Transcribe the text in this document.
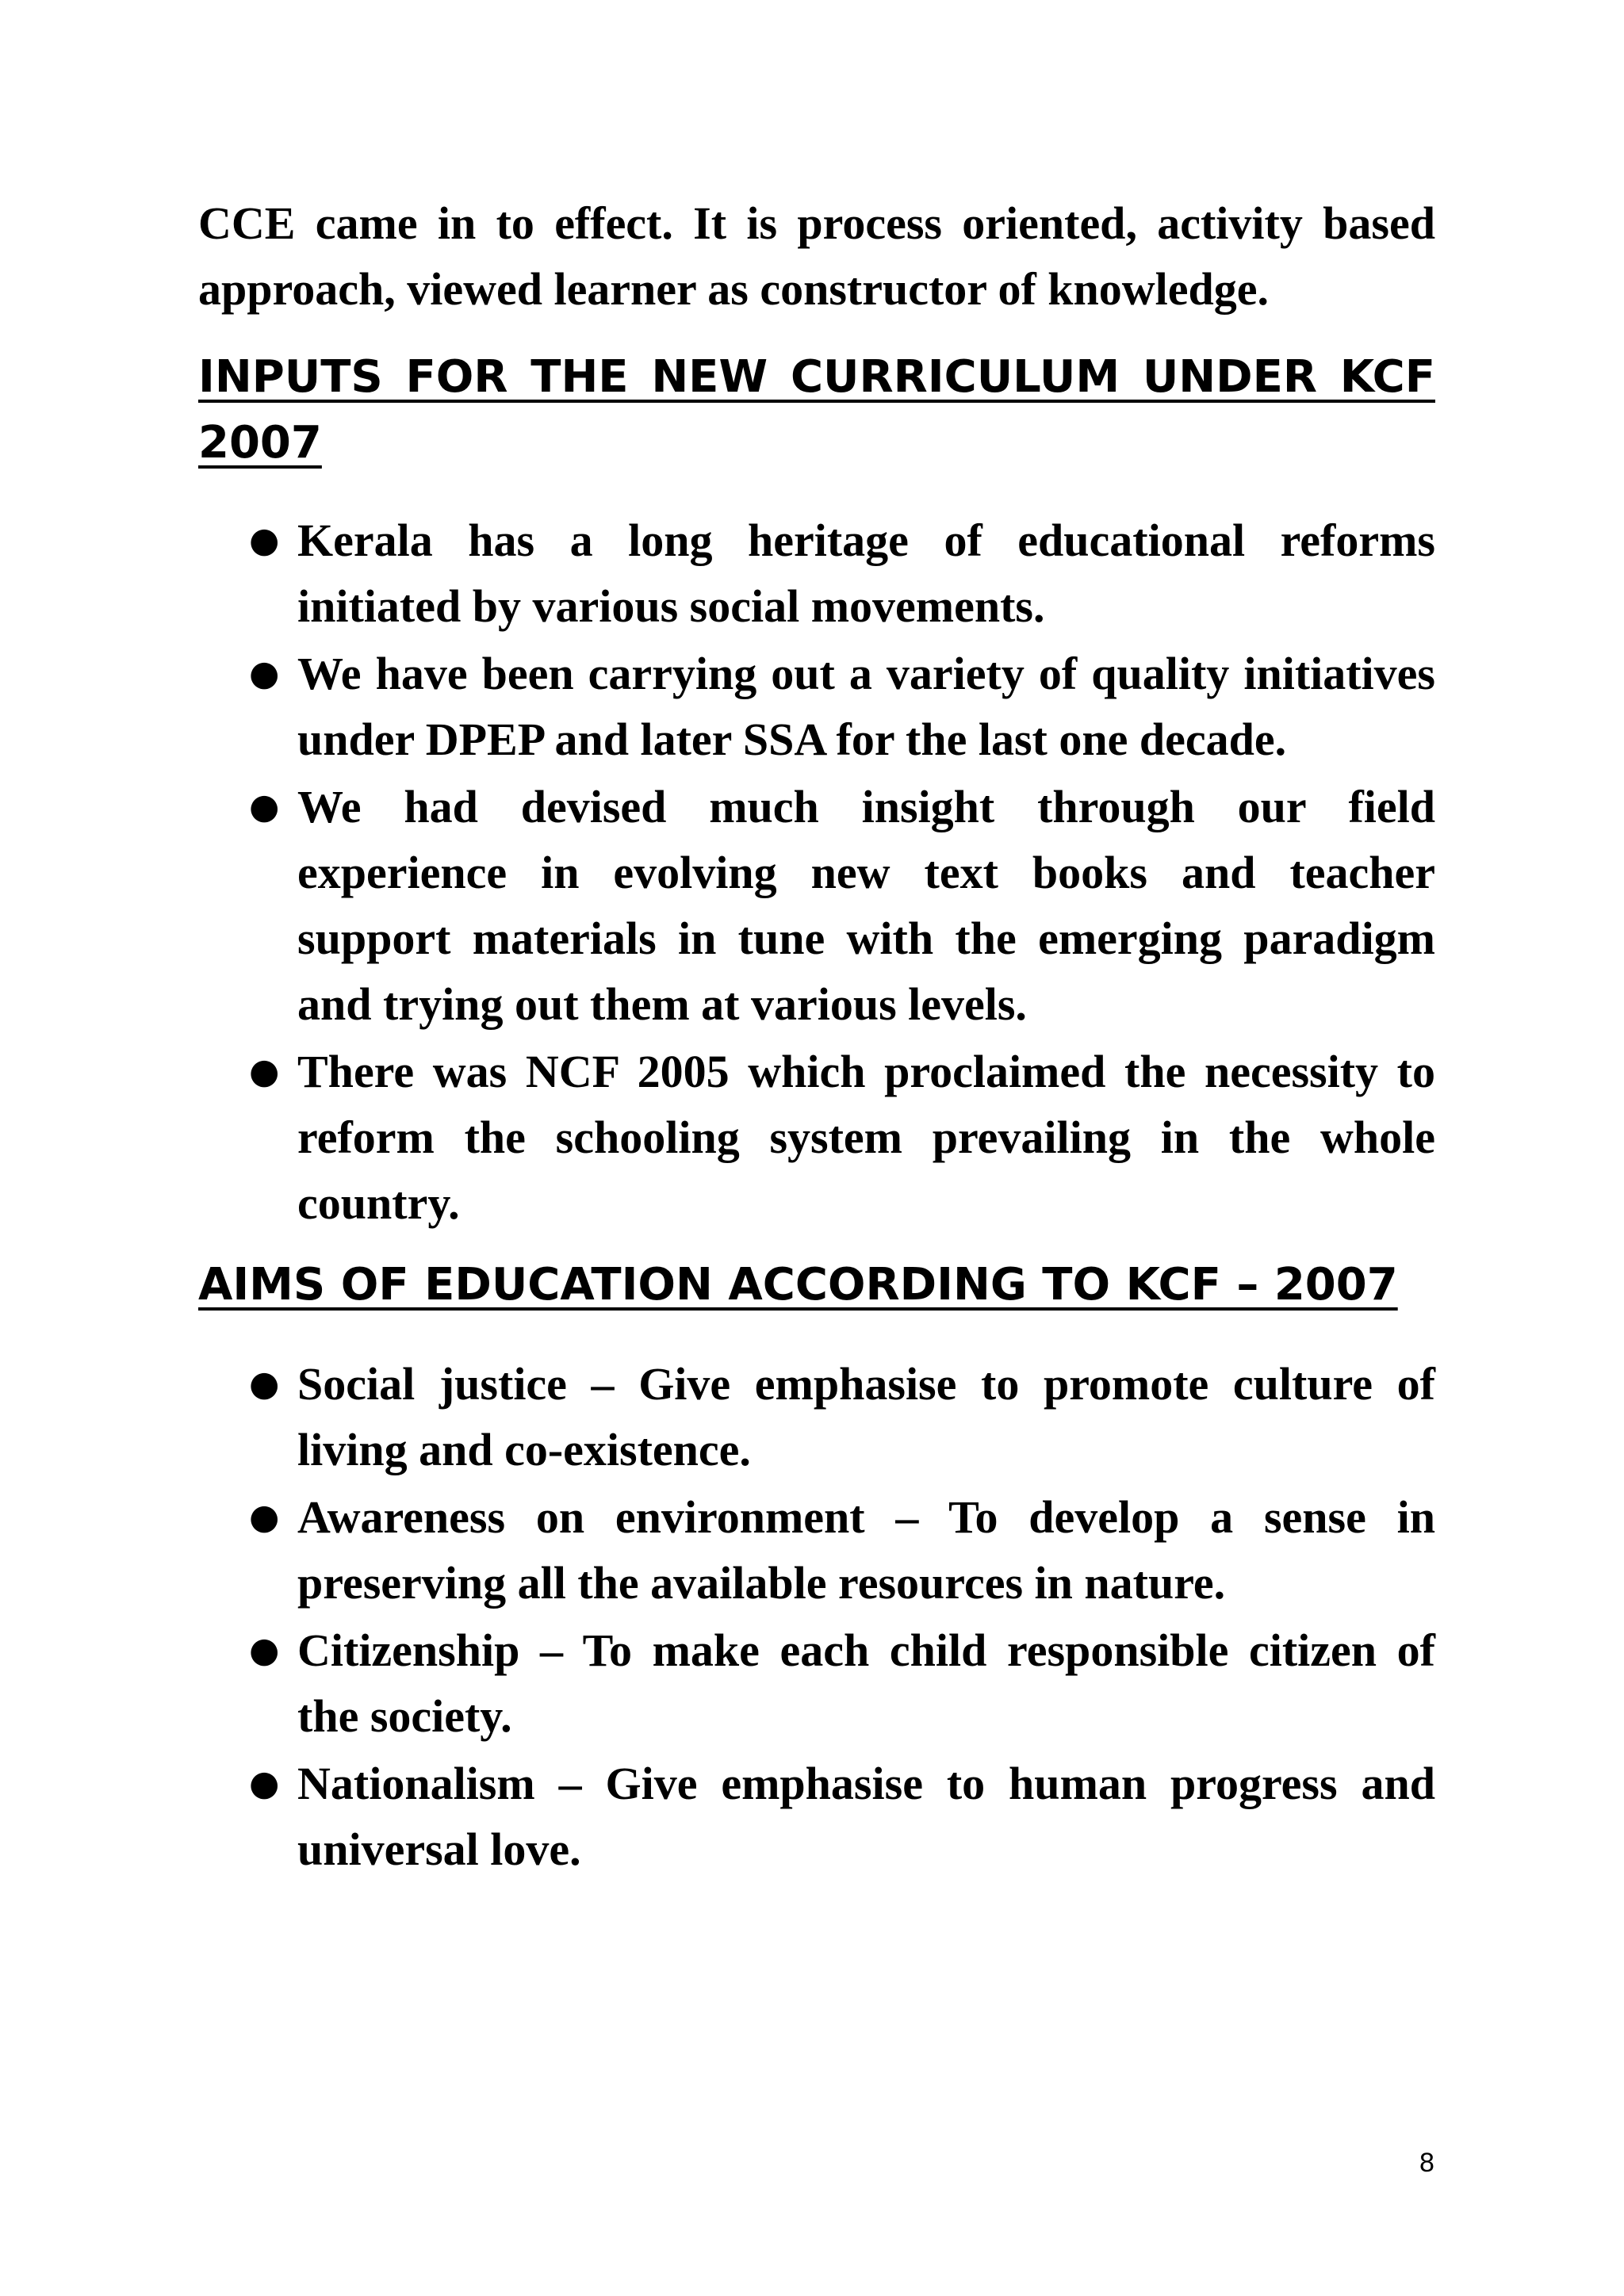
CCE came in to effect. It is process oriented, activity based approach, viewed learner as constructor of knowledge.

INPUTS FOR THE NEW CURRICULUM UNDER KCF 2007
● Kerala has a long heritage of educational reforms initiated by various social movements.
● We have been carrying out a variety of quality initiatives under DPEP and later SSA for the last one decade.
● We had devised much insight through our field experience in evolving new text books and teacher support materials in tune with the emerging paradigm and trying out them at various levels.
● There was NCF 2005 which proclaimed the necessity to reform the schooling system prevailing in the whole country.
AIMS OF EDUCATION ACCORDING TO KCF – 2007
● Social justice – Give emphasise to promote culture of living and co-existence.
● Awareness on environment – To develop a sense in preserving all the available resources in nature.
● Citizenship – To make each child responsible citizen of the society.
● Nationalism – Give emphasise to human progress and universal love.
8
